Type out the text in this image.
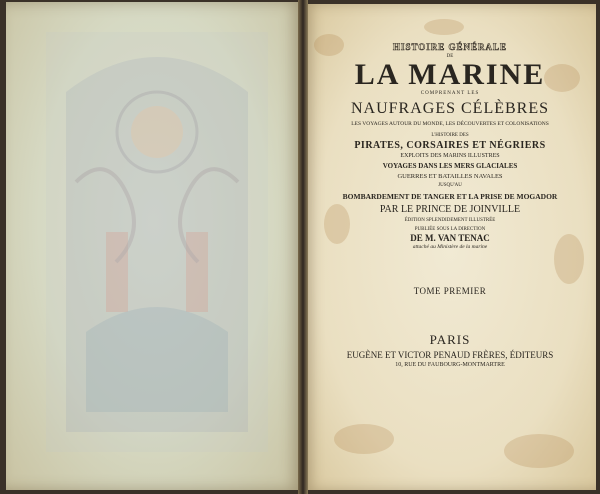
HISTOIRE GÉNÉRALE
DE
LA MARINE
COMPRENANT LES
NAUFRAGES CÉLÈBRES
LES VOYAGES AUTOUR DU MONDE, LES DÉCOUVERTES ET COLONISATIONS
L'HISTOIRE DES
PIRATES, CORSAIRES ET NÉGRIERS
EXPLOITS DES MARINS ILLUSTRES
VOYAGES DANS LES MERS GLACIALES
GUERRES ET BATAILLES NAVALES
JUSQU'AU
BOMBARDEMENT DE TANGER ET LA PRISE DE MOGADOR
PAR LE PRINCE DE JOINVILLE
ÉDITION SPLENDIDEMENT ILLUSTRÉE
PUBLIÉE SOUS LA DIRECTION
DE M. VAN TENAC
attaché au Ministère de la marine
TOME PREMIER
PARIS
EUGÈNE ET VICTOR PENAUD FRÈRES, ÉDITEURS
10, RUE DU FAUBOURG-MONTMARTRE
